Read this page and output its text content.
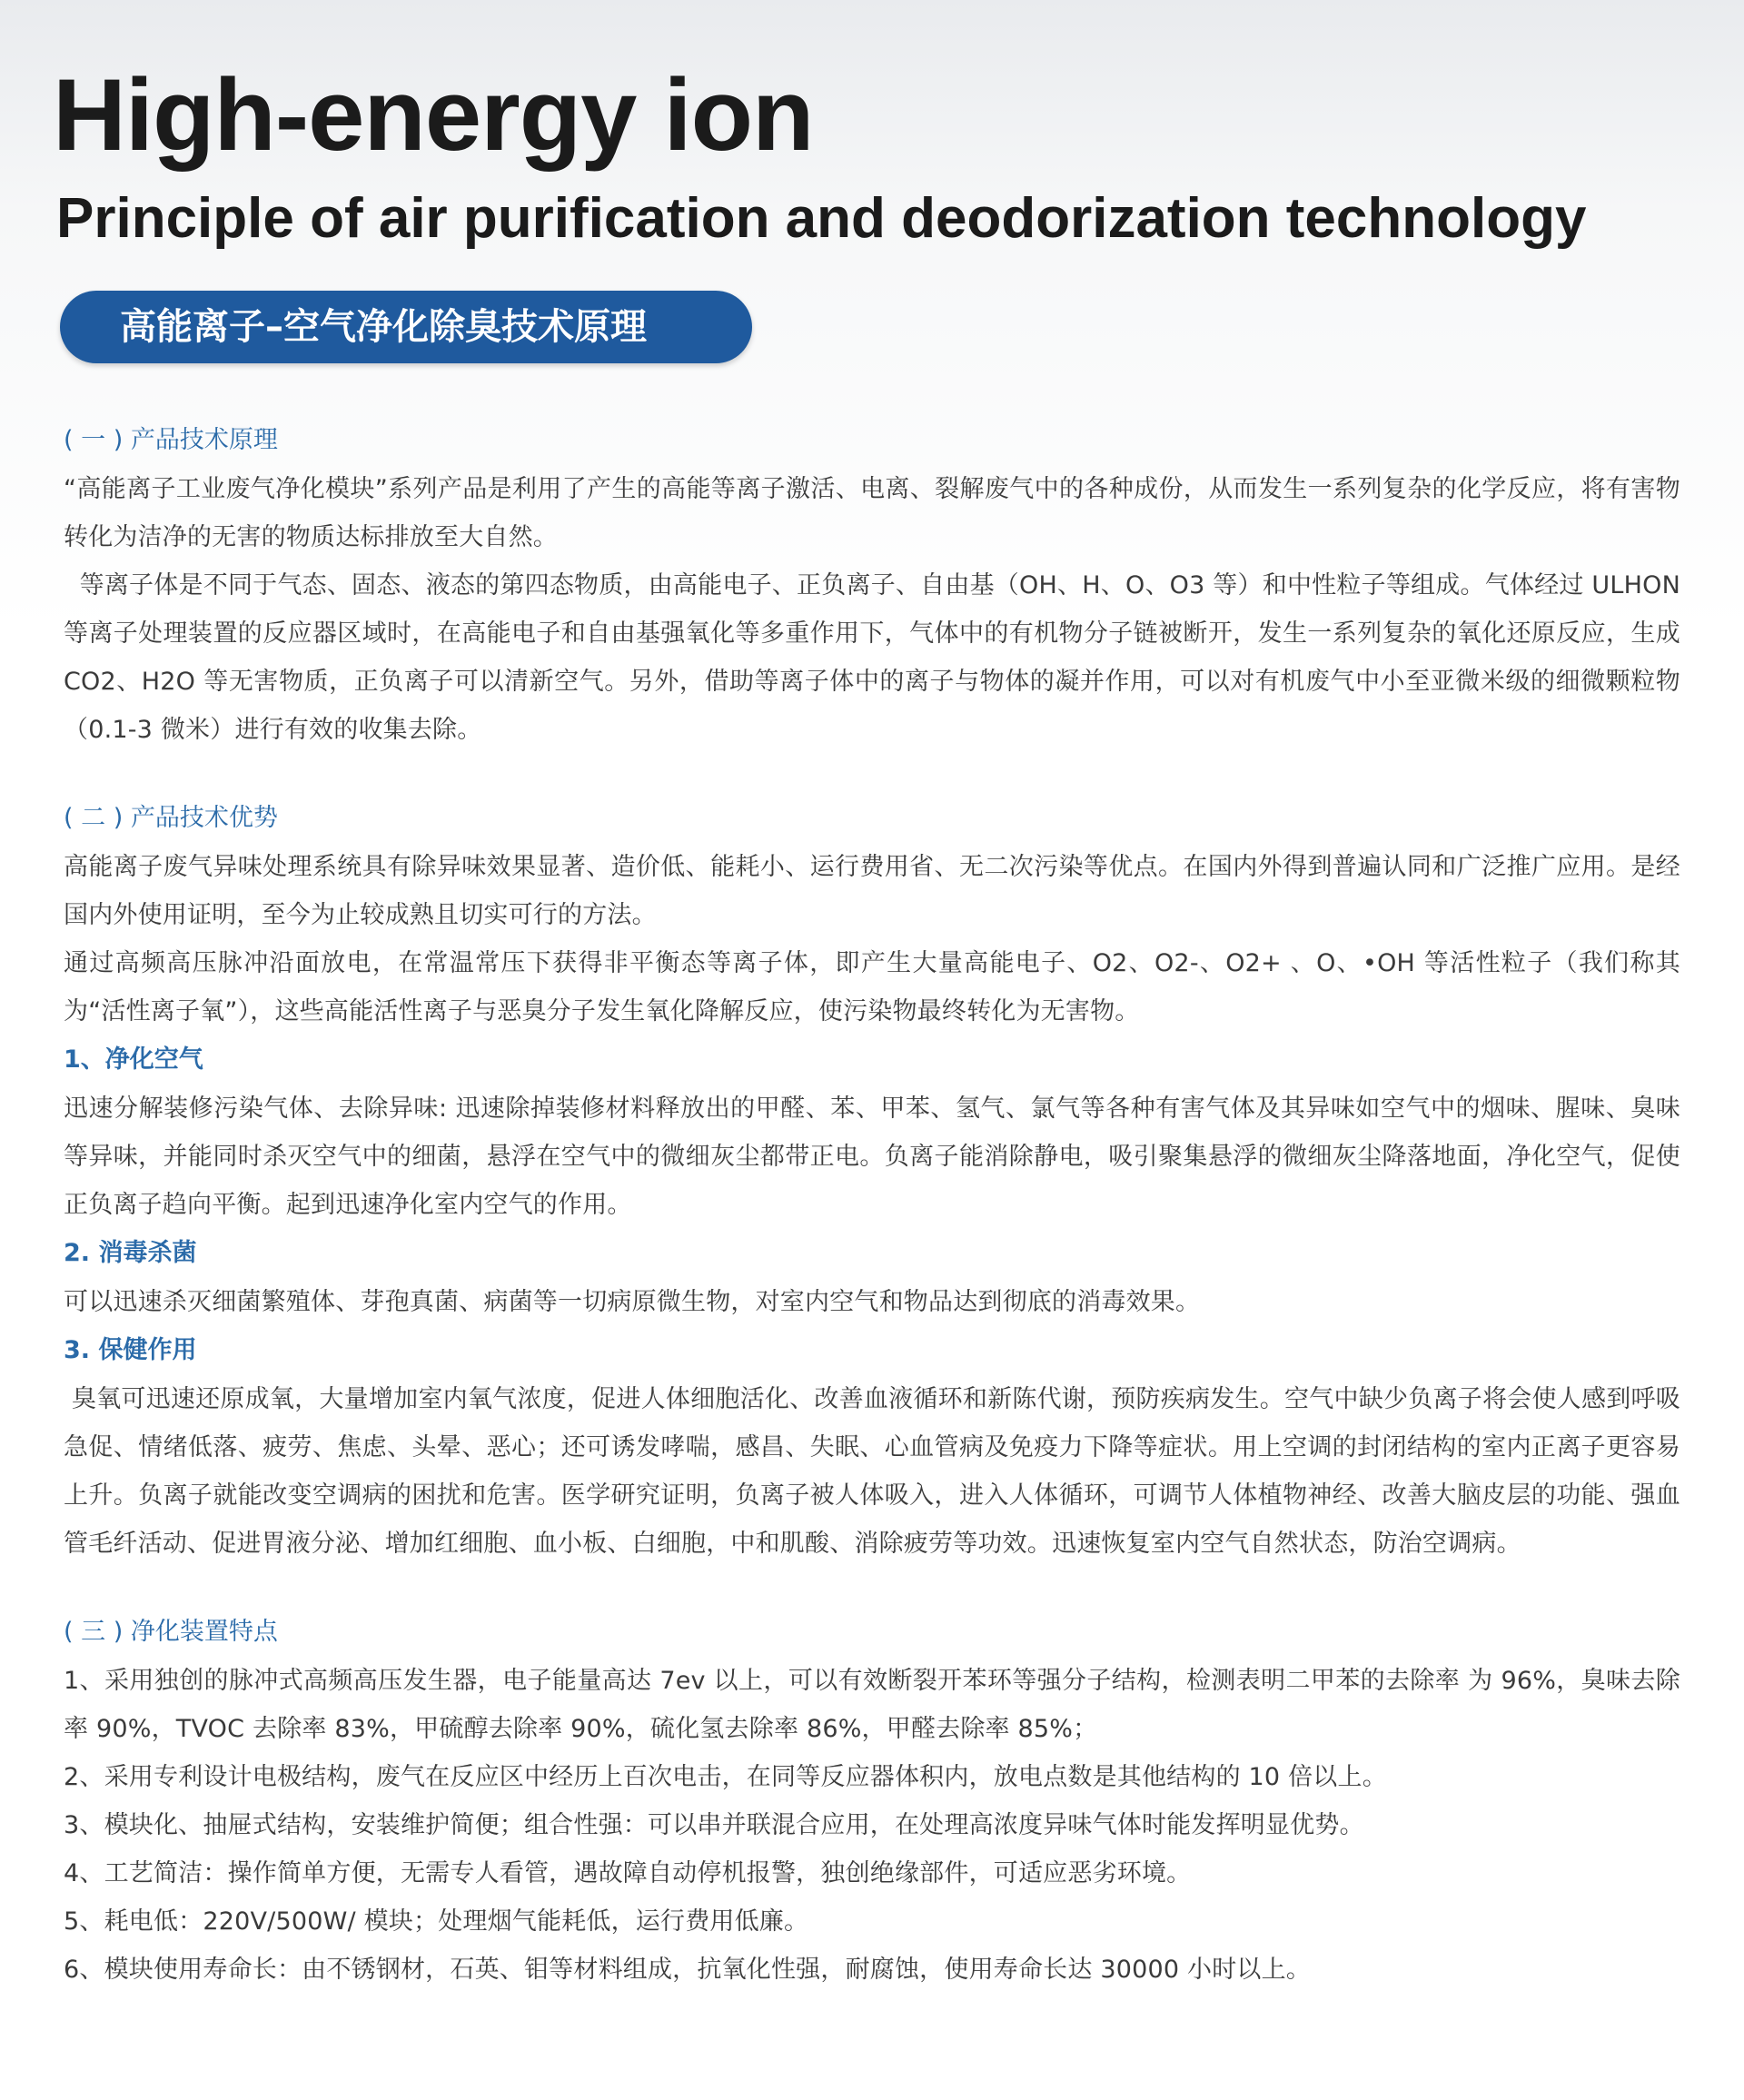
High-energy ion
Principle of air purification and deodorization technology
高能离子–空气净化除臭技术原理
( 一 ) 产品技术原理

“高能离子工业废气净化模块”系列产品是利用了产生的高能等离子激活、电离、裂解废气中的各种成份，从而发生一系列复杂的化学反应，将有害物转化为洁净的无害的物质达标排放至大自然。

等离子体是不同于气态、固态、液态的第四态物质，由高能电子、正负离子、自由基（OH、H、O、O3 等）和中性粒子等组成。气体经过 ULHON 等离子处理装置的反应器区域时，在高能电子和自由基强氧化等多重作用下，气体中的有机物分子链被断开，发生一系列复杂的氧化还原反应，生成 CO2、H2O 等无害物质，正负离子可以清新空气。另外，借助等离子体中的离子与物体的凝并作用，可以对有机废气中小至亚微米级的细微颗粒物（0.1-3 微米）进行有效的收集去除。

( 二 ) 产品技术优势

高能离子废气异味处理系统具有除异味效果显著、造价低、能耗小、运行费用省、无二次污染等优点。在国内外得到普遍认同和广泛推广应用。是经国内外使用证明，至今为止较成熟且切实可行的方法。

通过高频高压脉冲沿面放电，在常温常压下获得非平衡态等离子体，即产生大量高能电子、O2、O2-、O2+ 、O、•OH 等活性粒子（我们称其为“活性离子氧”），这些高能活性离子与恶臭分子发生氧化降解反应，使污染物最终转化为无害物。

1、净化空气

迅速分解装修污染气体、去除异味: 迅速除掉装修材料释放出的甲醛、苯、甲苯、氢气、氯气等各种有害气体及其异味如空气中的烟味、腥味、臭味等异味，并能同时杀灭空气中的细菌，悬浮在空气中的微细灰尘都带正电。负离子能消除静电，吸引聚集悬浮的微细灰尘降落地面，净化空气，促使正负离子趋向平衡。起到迅速净化室内空气的作用。

2. 消毒杀菌

可以迅速杀灭细菌繁殖体、芽孢真菌、病菌等一切病原微生物，对室内空气和物品达到彻底的消毒效果。

3. 保健作用

臭氧可迅速还原成氧，大量增加室内氧气浓度，促进人体细胞活化、改善血液循环和新陈代谢，预防疾病发生。空气中缺少负离子将会使人感到呼吸急促、情绪低落、疲劳、焦虑、头晕、恶心；还可诱发哮喘，感昌、失眠、心血管病及免疫力下降等症状。用上空调的封闭结构的室内正离子更容易上升。负离子就能改变空调病的困扰和危害。医学研究证明，负离子被人体吸入，进入人体循环，可调节人体植物神经、改善大脑皮层的功能、强血管毛纤活动、促进胃液分泌、增加红细胞、血小板、白细胞，中和肌酸、消除疲劳等功效。迅速恢复室内空气自然状态，防治空调病。

( 三 ) 净化装置特点

1、采用独创的脉冲式高频高压发生器，电子能量高达 7ev 以上，可以有效断裂开苯环等强分子结构，检测表明二甲苯的去除率 为 96%，臭味去除率 90%，TVOC 去除率 83%，甲硫醇去除率 90%，硫化氢去除率 86%，甲醛去除率 85%；

2、采用专利设计电极结构，废气在反应区中经历上百次电击，在同等反应器体积内，放电点数是其他结构的 10 倍以上。

3、模块化、抽屉式结构，安装维护简便；组合性强：可以串并联混合应用，在处理高浓度异味气体时能发挥明显优势。

4、工艺简洁：操作简单方便，无需专人看管，遇故障自动停机报警，独创绝缘部件，可适应恶劣环境。

5、耗电低：220V/500W/ 模块；处理烟气能耗低，运行费用低廉。

6、模块使用寿命长：由不锈钢材，石英、钼等材料组成，抗氧化性强，耐腐蚀，使用寿命长达 30000 小时以上。
